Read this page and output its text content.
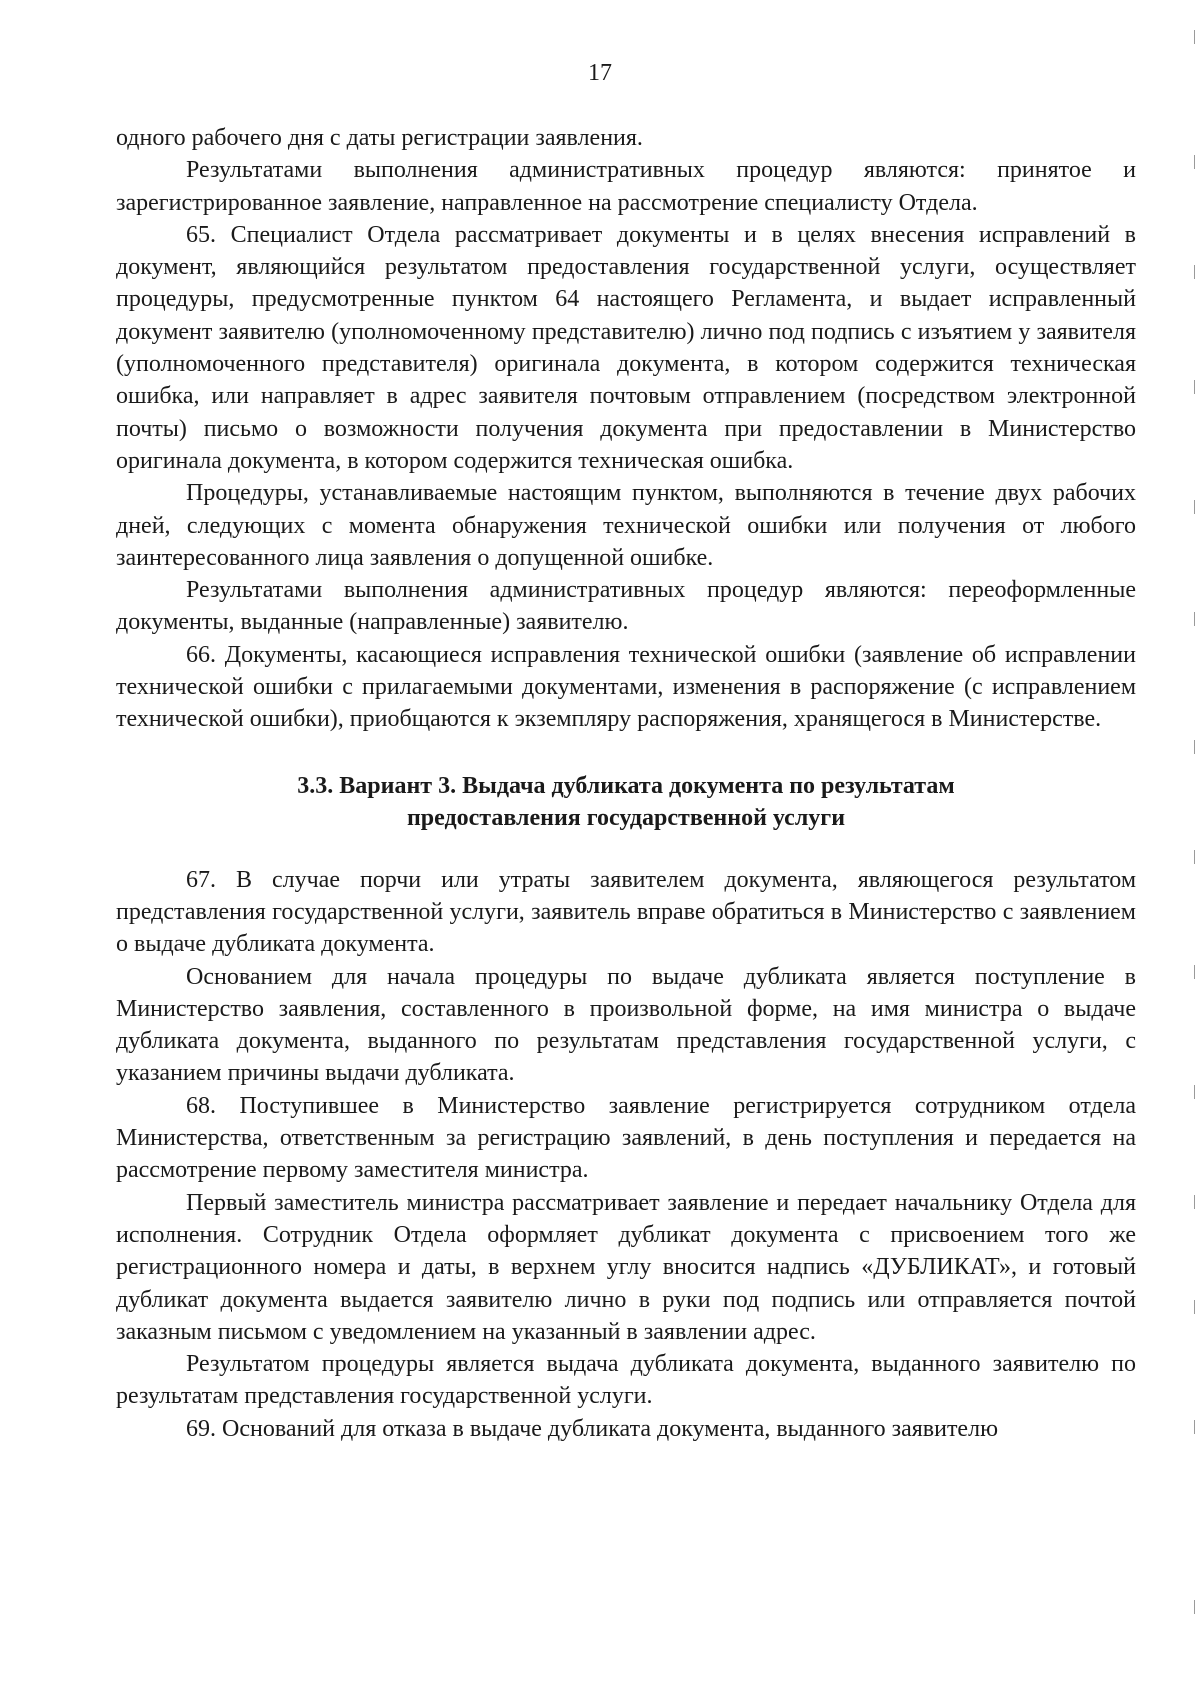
17

одного рабочего дня с даты регистрации заявления.

Результатами выполнения административных процедур являются: принятое и зарегистрированное заявление, направленное на рассмотрение специалисту Отдела.

65. Специалист Отдела рассматривает документы и в целях внесения исправлений в документ, являющийся результатом предоставления государственной услуги, осуществляет процедуры, предусмотренные пунктом 64 настоящего Регламента, и выдает исправленный документ заявителю (уполномоченному представителю) лично под подпись с изъятием у заявителя (уполномоченного представителя) оригинала документа, в котором содержится техническая ошибка, или направляет в адрес заявителя почтовым отправлением (посредством электронной почты) письмо о возможности получения документа при предоставлении в Министерство оригинала документа, в котором содержится техническая ошибка.

Процедуры, устанавливаемые настоящим пунктом, выполняются в течение двух рабочих дней, следующих с момента обнаружения технической ошибки или получения от любого заинтересованного лица заявления о допущенной ошибке.

Результатами выполнения административных процедур являются: переоформленные документы, выданные (направленные) заявителю.

66. Документы, касающиеся исправления технической ошибки (заявление об исправлении технической ошибки с прилагаемыми документами, изменения в распоряжение (с исправлением технической ошибки), приобщаются к экземпляру распоряжения, хранящегося в Министерстве.

3.3. Вариант 3. Выдача дубликата документа по результатам
предоставления государственной услуги

67. В случае порчи или утраты заявителем документа, являющегося результатом представления государственной услуги, заявитель вправе обратиться в Министерство с заявлением о выдаче дубликата документа.

Основанием для начала процедуры по выдаче дубликата является поступление в Министерство заявления, составленного в произвольной форме, на имя министра о выдаче дубликата документа, выданного по результатам представления государственной услуги, с указанием причины выдачи дубликата.

68. Поступившее в Министерство заявление регистрируется сотрудником отдела Министерства, ответственным за регистрацию заявлений, в день поступления и передается на рассмотрение первому заместителя министра.

Первый заместитель министра рассматривает заявление и передает начальнику Отдела для исполнения. Сотрудник Отдела оформляет дубликат документа с присвоением того же регистрационного номера и даты, в верхнем углу вносится надпись «ДУБЛИКАТ», и готовый дубликат документа выдается заявителю лично в руки под подпись или отправляется почтой заказным письмом с уведомлением на указанный в заявлении адрес.

Результатом процедуры является выдача дубликата документа, выданного заявителю по результатам представления государственной услуги.

69. Оснований для отказа в выдаче дубликата документа, выданного заявителю
